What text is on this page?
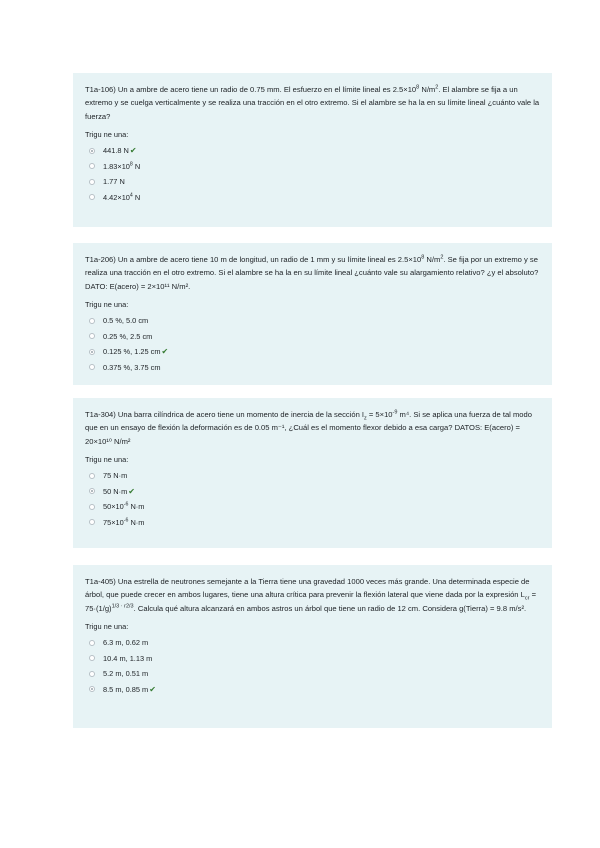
T1a-106) Un a ambre de acero tiene un radio de 0.75 mm. El esfuerzo en el límite lineal es $2.5\times 10^8$ $N/m^2$. El alambre se fija a un extremo y se cuelga verticalmente y se realiza una tracción en el otro extremo. Si el alambre se ha la en su límite lineal ¿cuánto vale la fuerza?

Trigu ne una:

441.8 N ✔
$1.83\times 10^8$ N
1.77 N
$4.42\times 10^4$ N

T1a-206) Un a ambre de acero tiene 10 m de longitud, un radio de 1 mm y su límite lineal es $2.5\times 10^8$ $N/m^2$. Se fija por un extremo y se realiza una tracción en el otro extremo. Si el alambre se ha la en su límite lineal ¿cuánto vale su alargamiento relativo? ¿y el absoluto? DATO: E(acero) = 2×10¹¹ N/m².

Trigu ne una:

0.5 %, 5.0 cm
0.25 %, 2.5 cm
0.125 %, 1.25 cm ✔
0.375 %, 3.75 cm

T1a-304) Una barra cilíndrica de acero tiene un momento de inercia de la sección $I_z = 5\times 10^{-9}$ m⁴. Si se aplica una fuerza de tal modo que en un ensayo de flexión la deformación es de 0.05 m⁻¹, ¿Cuál es el momento flexor debido a esa carga? DATOS: E(acero) = 20×10¹⁰ N/m²

Trigu ne una:

75 N·m
50 N·m ✔
$50\times 10^{-6}$ N·m
$75\times 10^{-6}$ N·m

T1a-405) Una estrella de neutrones semejante a la Tierra tiene una gravedad 1000 veces más grande. Una determinada especie de árbol, que puede crecer en ambos lugares, tiene una altura crítica para prevenir la flexión lateral que viene dada por la expresión $L_{cr} = 75\cdot(1/g)^{1/3 \cdot r2/3}$. Calcula qué altura alcanzará en ambos astros un árbol que tiene un radio de 12 cm. Considera g(Tierra) = 9.8 m/s².

Trigu ne una:

6.3 m, 0.62 m
10.4 m, 1.13 m
5.2 m, 0.51 m
8.5 m, 0.85 m ✔
